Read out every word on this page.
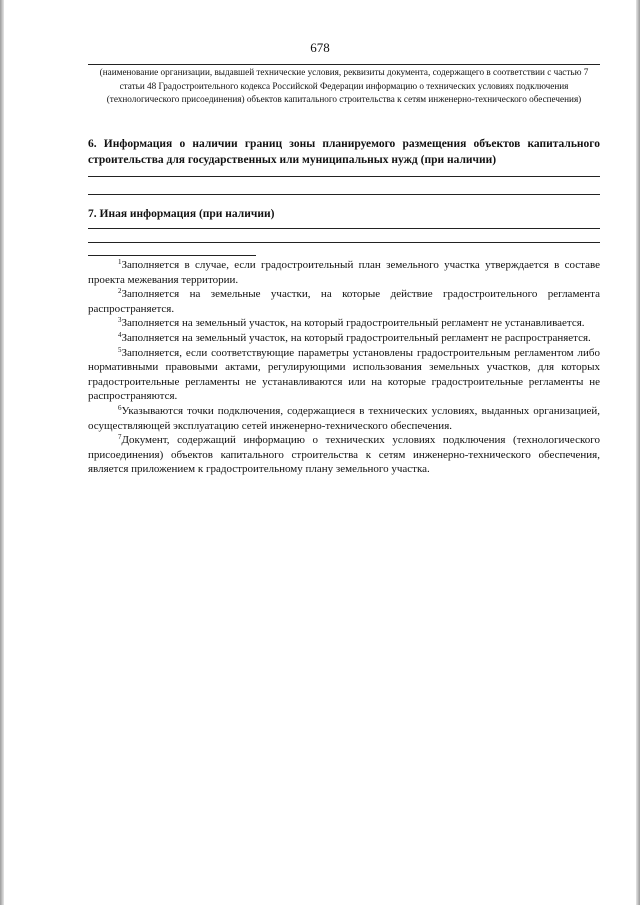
678
(наименование организации, выдавшей технические условия, реквизиты документа, содержащего в соответствии с частью 7 статьи 48 Градостроительного кодекса Российской Федерации информацию о технических условиях подключения (технологического присоединения) объектов капитального строительства к сетям инженерно-технического обеспечения)
6. Информация о наличии границ зоны планируемого размещения объектов капитального строительства для государственных или муниципальных нужд (при наличии)
7. Иная информация (при наличии)

$^1$Заполняется в случае, если градостроительный план земельного участка утверждается в составе проекта межевания территории.

$^2$Заполняется на земельные участки, на которые действие градостроительного регламента распространяется.

$^3$Заполняется на земельный участок, на который градостроительный регламент не устанавливается.

$^4$Заполняется на земельный участок, на который градостроительный регламент не распространяется.

$^5$Заполняется, если соответствующие параметры установлены градостроительным регламентом либо нормативными правовыми актами, регулирующими использования земельных участков, для которых градостроительные регламенты не устанавливаются или на которые градостроительные регламенты не распространяются.

$^6$Указываются точки подключения, содержащиеся в технических условиях, выданных организацией, осуществляющей эксплуатацию сетей инженерно-технического обеспечения.

$^7$Документ, содержащий информацию о технических условиях подключения (технологического присоединения) объектов капитального строительства к сетям инженерно-технического обеспечения, является приложением к градостроительному плану земельного участка.
